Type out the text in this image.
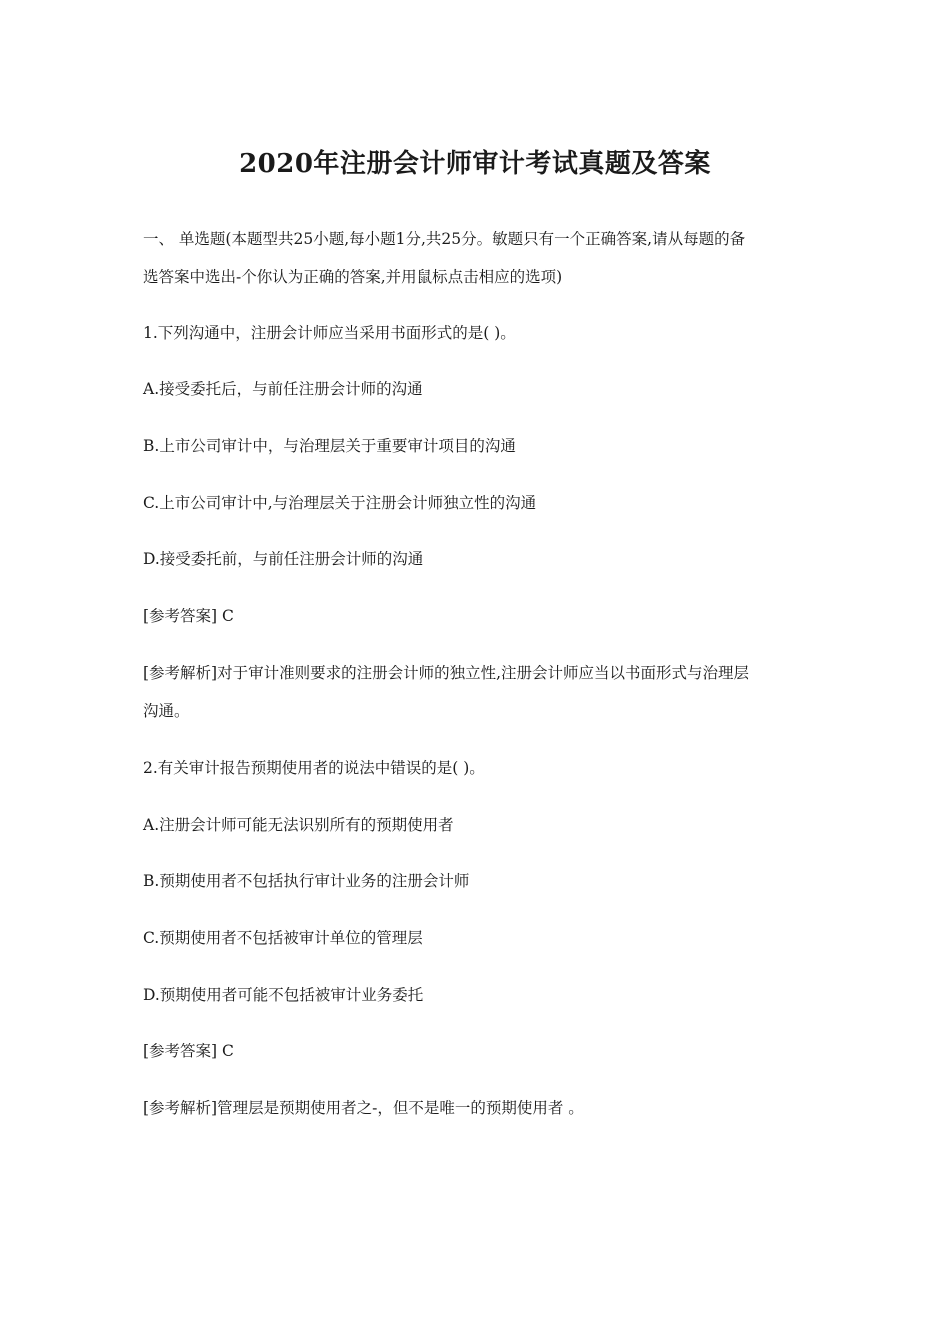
2020年注册会计师审计考试真题及答案

一、 单选题(本题型共25小题,每小题1分,共25分。敏题只有一个正确答案,请从每题的备

选答案中选出-个你认为正确的答案,并用鼠标点击相应的选项)

1.下列沟通中，注册会计师应当采用书面形式的是( )。

A.接受委托后，与前任注册会计师的沟通

B.上市公司审计中，与治理层关于重要审计项目的沟通

C.上市公司审计中,与治理层关于注册会计师独立性的沟通

D.接受委托前，与前任注册会计师的沟通

[参考答案] C

[参考解析]对于审计准则要求的注册会计师的独立性,注册会计师应当以书面形式与治理层

沟通。

2.有关审计报告预期使用者的说法中错误的是( )。

A.注册会计师可能无法识别所有的预期使用者

B.预期使用者不包括执行审计业务的注册会计师

C.预期使用者不包括被审计单位的管理层

D.预期使用者可能不包括被审计业务委托

[参考答案] C

[参考解析]管理层是预期使用者之-，但不是唯一的预期使用者 。
